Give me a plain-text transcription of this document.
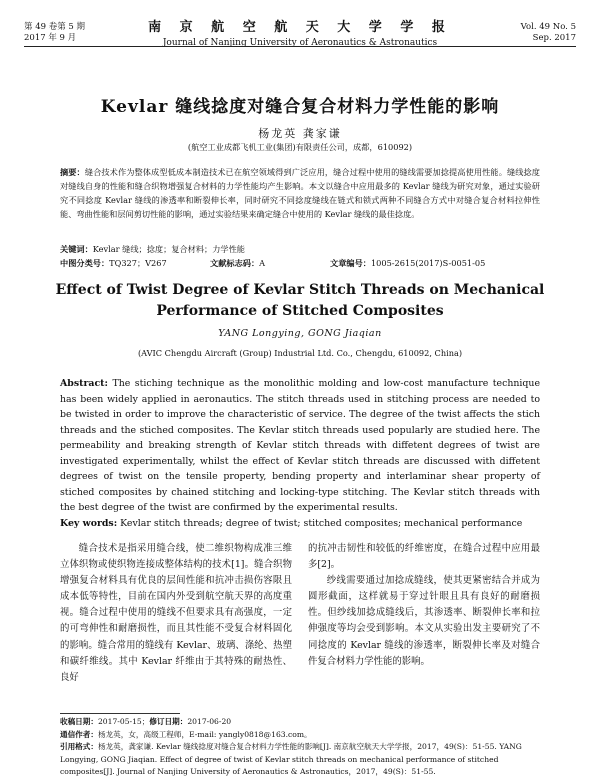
第 49 卷第 5 期
2017 年 9 月
南 京 航 空 航 天 大 学 学 报
Journal of Nanjing University of Aeronautics & Astronautics
Vol. 49 No. 5
Sep. 2017
Kevlar 缝线捻度对缝合复合材料力学性能的影响
杨龙英 龚家谦
(航空工业成都飞机工业(集团)有限责任公司，成都，610092)
摘要：缝合技术作为整体成型低成本制造技术已在航空领域得到广泛应用，缝合过程中使用的缝线需要加捻提高使用性能。缝线捻度对缝线自身的性能和缝合织物增强复合材料的力学性能均产生影响。本文以缝合中应用最多的 Kevlar 缝线为研究对象，通过实验研究不同捻度 Kevlar 缝线的渗透率和断裂伸长率，同时研究不同捻度缝线在链式和锁式两种不同缝合方式中对缝合复合材料拉伸性能、弯曲性能和层间剪切性能的影响，通过实验结果来确定缝合中使用的 Kevlar 缝线的最佳捻度。
关键词：Kevlar 缝线；捻度；复合材料；力学性能
中图分类号：TQ327；V267	文献标志码：A	文章编号：1005-2615(2017)S-0051-05
Effect of Twist Degree of Kevlar Stitch Threads on Mechanical
Performance of Stitched Composites
YANG Longying, GONG Jiaqian
(AVIC Chengdu Aircraft (Group) Industrial Ltd. Co., Chengdu, 610092, China)
Abstract: The stiching technique as the monolithic molding and low-cost manufacture technique has been widely applied in aeronautics. The stitch threads used in stitching process are needed to be twisted in order to improve the characteristic of service. The degree of the twist affects the stich threads and the stiched composites. The Kevlar stitch threads used popularly are studied here. The permeability and breaking strength of Kevlar stitch threads with diffetent degrees of twist are investigated experimentally, whilst the effect of Kevlar stitch threads are discussed with diffetent degrees of twist on the tensile property, bending property and interlaminar shear property of stiched composites by chained stitching and locking-type stitching. The Kevlar stitch threads with the best degree of the twist are confirmed by the experimental results.
Key words: Kevlar stitch threads; degree of twist; stitched composites; mechanical performance

缝合技术是指采用缝合线，使二维织物构成准三维立体织物或使织物连接成整体结构的技术[1]。缝合织物增强复合材料具有优良的层间性能和抗冲击损伤容限且成本低等特性，目前在国内外受到航空航天界的高度重视。缝合过程中使用的缝线不但要求具有高强度，一定的可弯伸性和耐磨损性，而且其性能不受复合材料固化的影响。缝合常用的缝线有 Kevlar、玻璃、涤纶、热塑和碳纤维线。其中 Kevlar 纤维由于其特殊的耐热性、良好

的抗冲击韧性和较低的纤维密度，在缝合过程中应用最多[2]。

纱线需要通过加捻成缝线，使其更紧密结合并成为圆形截面，这样就易于穿过针眼且具有良好的耐磨损性。但纱线加捻成缝线后，其渗透率、断裂伸长率和拉伸强度等均会受到影响。本文从实验出发主要研究了不同捻度的 Kevlar 缝线的渗透率，断裂伸长率及对缝合件复合材料力学性能的影响。

收稿日期：2017-05-15；修订日期：2017-06-20
通信作者：杨龙英，女，高级工程师，E-mail: yangly0818@163.com。
引用格式：杨龙英，龚家谦. Kevlar 缝线捻度对缝合复合材料力学性能的影响[J]. 南京航空航天大学学报，2017，49(S)：51-55. YANG Longying, GONG Jiaqian. Effect of degree of twist of Kevlar stitch threads on mechanical performance of stitched composites[J]. Journal of Nanjing University of Aeronautics & Astronautics，2017，49(S)：51-55.
